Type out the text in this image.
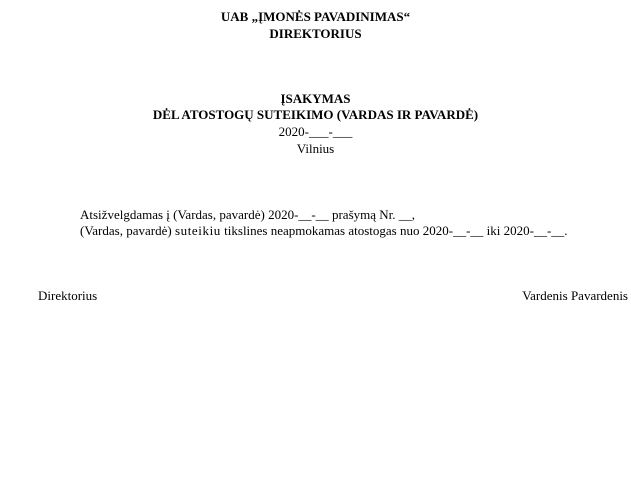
UAB „ĮMONĖS PAVADINIMAS“
DIREKTORIUS
ĮSAKYMAS
DĖL ATOSTOGŲ SUTEIKIMO (VARDAS IR PAVARDĖ)
2020-___-___
Vilnius
Atsižvelgdamas į (Vardas, pavardė) 2020-__-__ prašymą Nr. __,
(Vardas, pavardė) suteikiu tikslines neapmokamas atostogas nuo 2020-__-__ iki 2020-__-__.
Direktorius	Vardenis Pavardenis
